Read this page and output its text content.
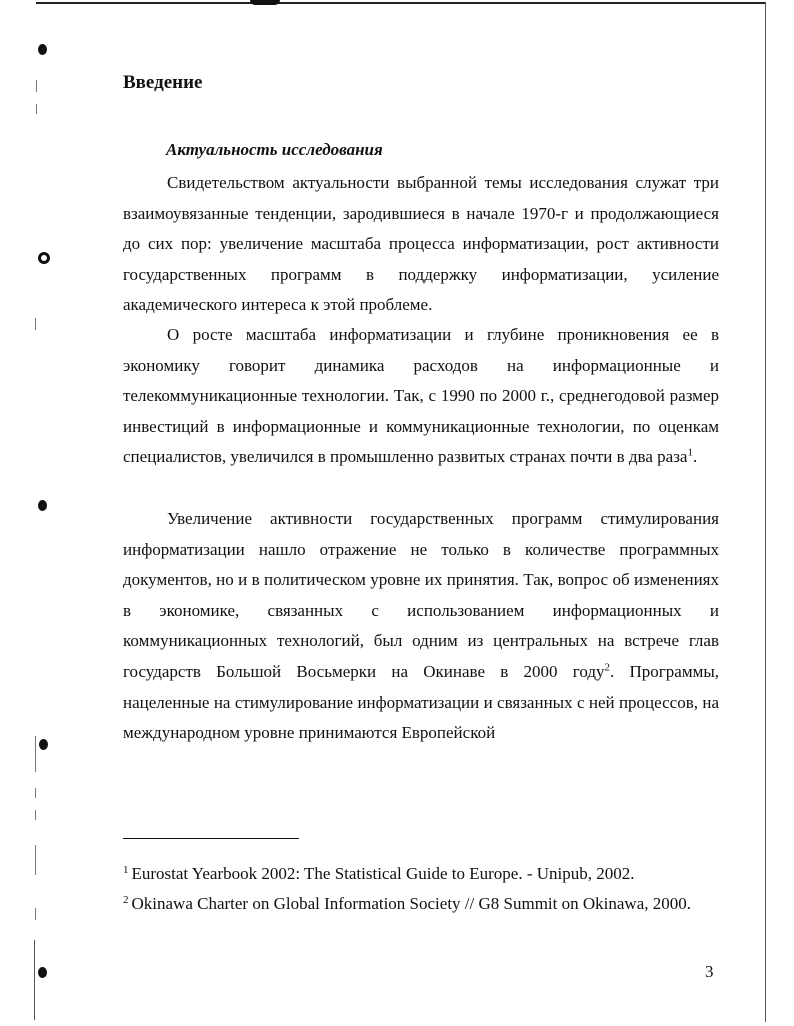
Введение
Актуальность исследования

Свидетельством актуальности выбранной темы исследования служат три взаимоувязанные тенденции, зародившиеся в начале 1970-г и продолжающиеся до сих пор: увеличение масштаба процесса информатизации, рост активности государственных программ в поддержку информатизации, усиление академического интереса к этой проблеме.

О росте масштаба информатизации и глубине проникновения ее в экономику говорит динамика расходов на информационные и телекоммуникационные технологии. Так, с 1990 по 2000 г., среднегодовой размер инвестиций в информационные и коммуникационные технологии, по оценкам специалистов, увеличился в промышленно развитых странах почти в два раза$^1$.

Увеличение активности государственных программ стимулирования информатизации нашло отражение не только в количестве программных документов, но и в политическом уровне их принятия. Так, вопрос об изменениях в экономике, связанных с использованием информационных и коммуникационных технологий, был одним из центральных на встрече глав государств Большой Восьмерки на Окинаве в 2000 году$^2$. Программы, нацеленные на стимулирование информатизации и связанных с ней процессов, на международном уровне принимаются Европейской

$^1$ Eurostat Yearbook 2002: The Statistical Guide to Europe. - Unipub, 2002.

$^2$ Okinawa Charter on Global Information Society // G8 Summit on Okinawa, 2000.

3
